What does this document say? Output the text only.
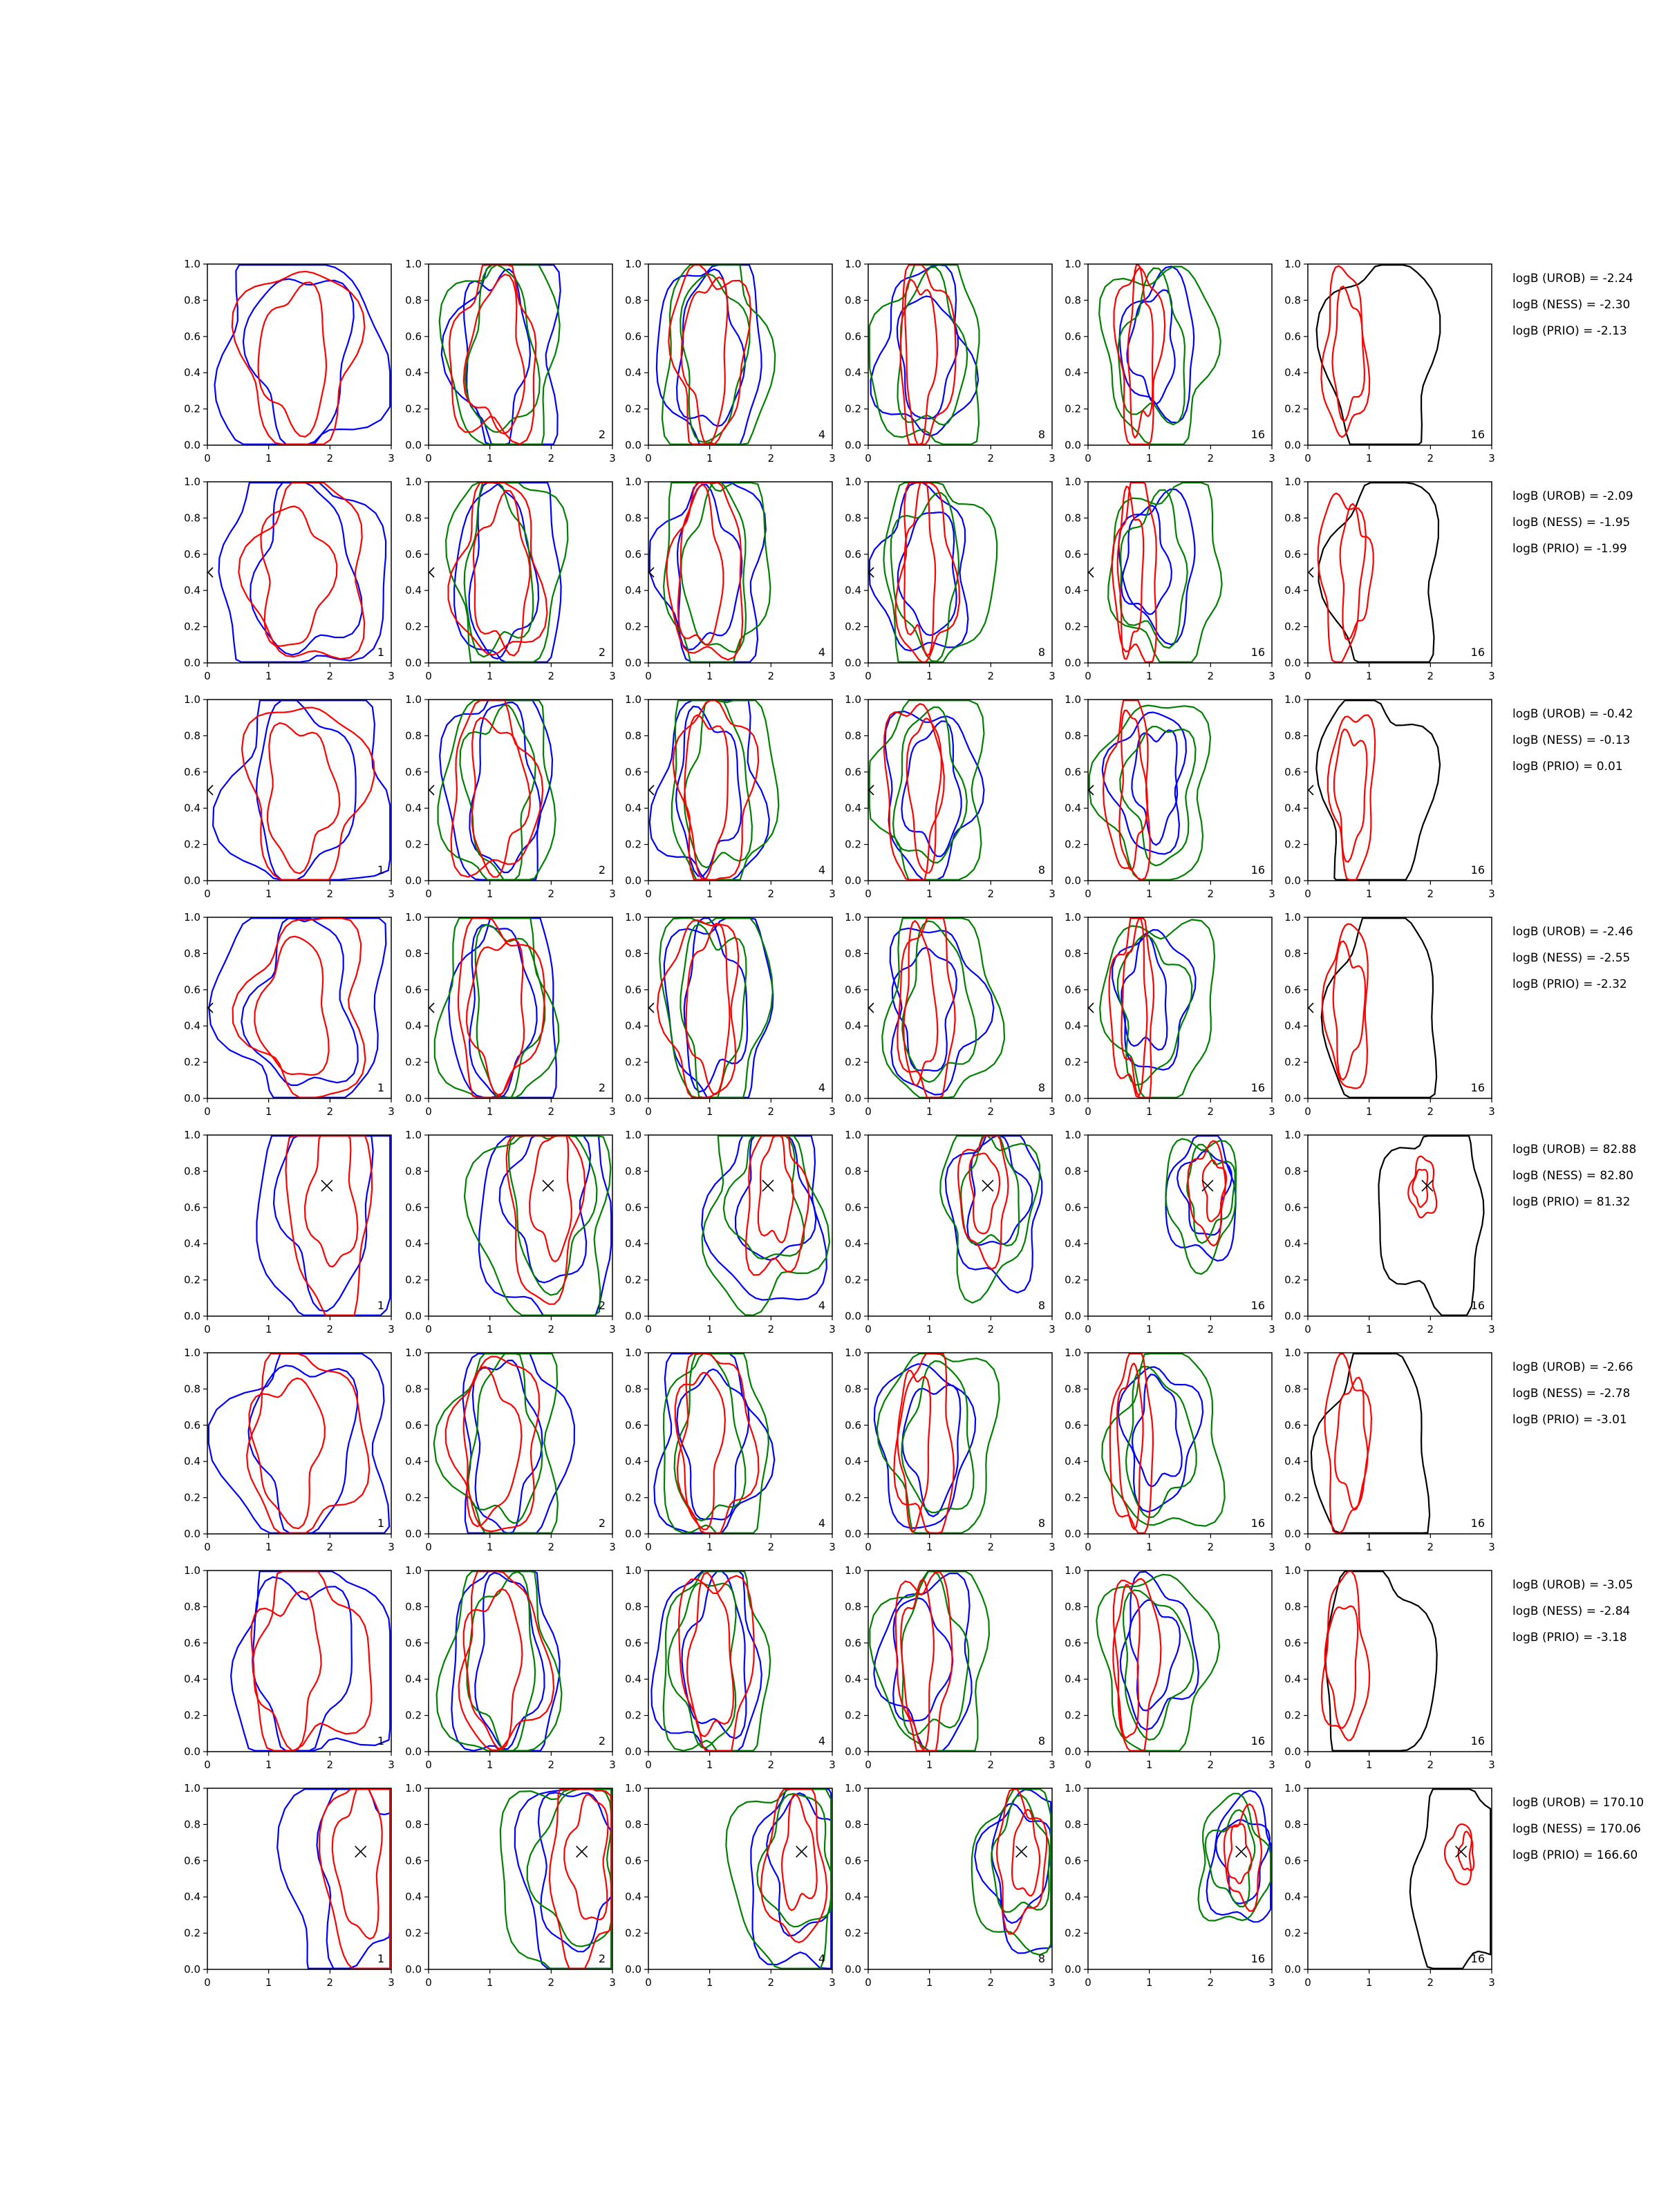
0.0
0.2
0.4
0.6
0.8
1.0
0	1	2	3
0.0
0.2
0.4
0.6
0.8
1.0
0	1	2	3
2
0.0
0.2
0.4
0.6
0.8
1.0
0	1	2	3
4
0.0
0.2
0.4
0.6
0.8
1.0
0	1	2	3
8
0.0
0.2
0.4
0.6
0.8
1.0
0	1	2	3
16
0.0
0.2
0.4
0.6
0.8
1.0
0	1	2	3
16
logB (UROB) = -2.24
logB (NESS) = -2.30
logB (PRIO) = -2.13
0.0
0.2
0.4
0.6
0.8
1.0
0	1	2	3
1
0.0
0.2
0.4
0.6
0.8
1.0
0	1	2	3
2
0.0
0.2
0.4
0.6
0.8
1.0
0	1	2	3
4
0.0
0.2
0.4
0.6
0.8
1.0
0	1	2	3
8
0.0
0.2
0.4
0.6
0.8
1.0
0	1	2	3
16
0.0
0.2
0.4
0.6
0.8
1.0
0	1	2	3
16
logB (UROB) = -2.09
logB (NESS) = -1.95
logB (PRIO) = -1.99
0.0
0.2
0.4
0.6
0.8
1.0
0	1	2	3
1
0.0
0.2
0.4
0.6
0.8
1.0
0	1	2	3
2
0.0
0.2
0.4
0.6
0.8
1.0
0	1	2	3
4
0.0
0.2
0.4
0.6
0.8
1.0
0	1	2	3
8
0.0
0.2
0.4
0.6
0.8
1.0
0	1	2	3
16
0.0
0.2
0.4
0.6
0.8
1.0
0	1	2	3
16
logB (UROB) = -0.42
logB (NESS) = -0.13
logB (PRIO) = 0.01
0.0
0.2
0.4
0.6
0.8
1.0
0	1	2	3
1
0.0
0.2
0.4
0.6
0.8
1.0
0	1	2	3
2
0.0
0.2
0.4
0.6
0.8
1.0
0	1	2	3
4
0.0
0.2
0.4
0.6
0.8
1.0
0	1	2	3
8
0.0
0.2
0.4
0.6
0.8
1.0
0	1	2	3
16
0.0
0.2
0.4
0.6
0.8
1.0
0	1	2	3
16
logB (UROB) = -2.46
logB (NESS) = -2.55
logB (PRIO) = -2.32
0.0
0.2
0.4
0.6
0.8
1.0
0	1	2	3
1
0.0
0.2
0.4
0.6
0.8
1.0
0	1	2	3
2
0.0
0.2
0.4
0.6
0.8
1.0
0	1	2	3
4
0.0
0.2
0.4
0.6
0.8
1.0
0	1	2	3
8
0.0
0.2
0.4
0.6
0.8
1.0
0	1	2	3
16
0.0
0.2
0.4
0.6
0.8
1.0
0	1	2	3
16
logB (UROB) = 82.88
logB (NESS) = 82.80
logB (PRIO) = 81.32
0.0
0.2
0.4
0.6
0.8
1.0
0	1	2	3
1
0.0
0.2
0.4
0.6
0.8
1.0
0	1	2	3
2
0.0
0.2
0.4
0.6
0.8
1.0
0	1	2	3
4
0.0
0.2
0.4
0.6
0.8
1.0
0	1	2	3
8
0.0
0.2
0.4
0.6
0.8
1.0
0	1	2	3
16
0.0
0.2
0.4
0.6
0.8
1.0
0	1	2	3
16
logB (UROB) = -2.66
logB (NESS) = -2.78
logB (PRIO) = -3.01
0.0
0.2
0.4
0.6
0.8
1.0
0	1	2	3
1
0.0
0.2
0.4
0.6
0.8
1.0
0	1	2	3
2
0.0
0.2
0.4
0.6
0.8
1.0
0	1	2	3
4
0.0
0.2
0.4
0.6
0.8
1.0
0	1	2	3
8
0.0
0.2
0.4
0.6
0.8
1.0
0	1	2	3
16
0.0
0.2
0.4
0.6
0.8
1.0
0	1	2	3
16
logB (UROB) = -3.05
logB (NESS) = -2.84
logB (PRIO) = -3.18
0.0
0.2
0.4
0.6
0.8
1.0
0	1	2	3
1
0.0
0.2
0.4
0.6
0.8
1.0
0	1	2	3
2
0.0
0.2
0.4
0.6
0.8
1.0
0	1	2	3
4
0.0
0.2
0.4
0.6
0.8
1.0
0	1	2	3
8
0.0
0.2
0.4
0.6
0.8
1.0
0	1	2	3
16
0.0
0.2
0.4
0.6
0.8
1.0
0	1	2	3
16
logB (UROB) = 170.10
logB (NESS) = 170.06
logB (PRIO) = 166.60
